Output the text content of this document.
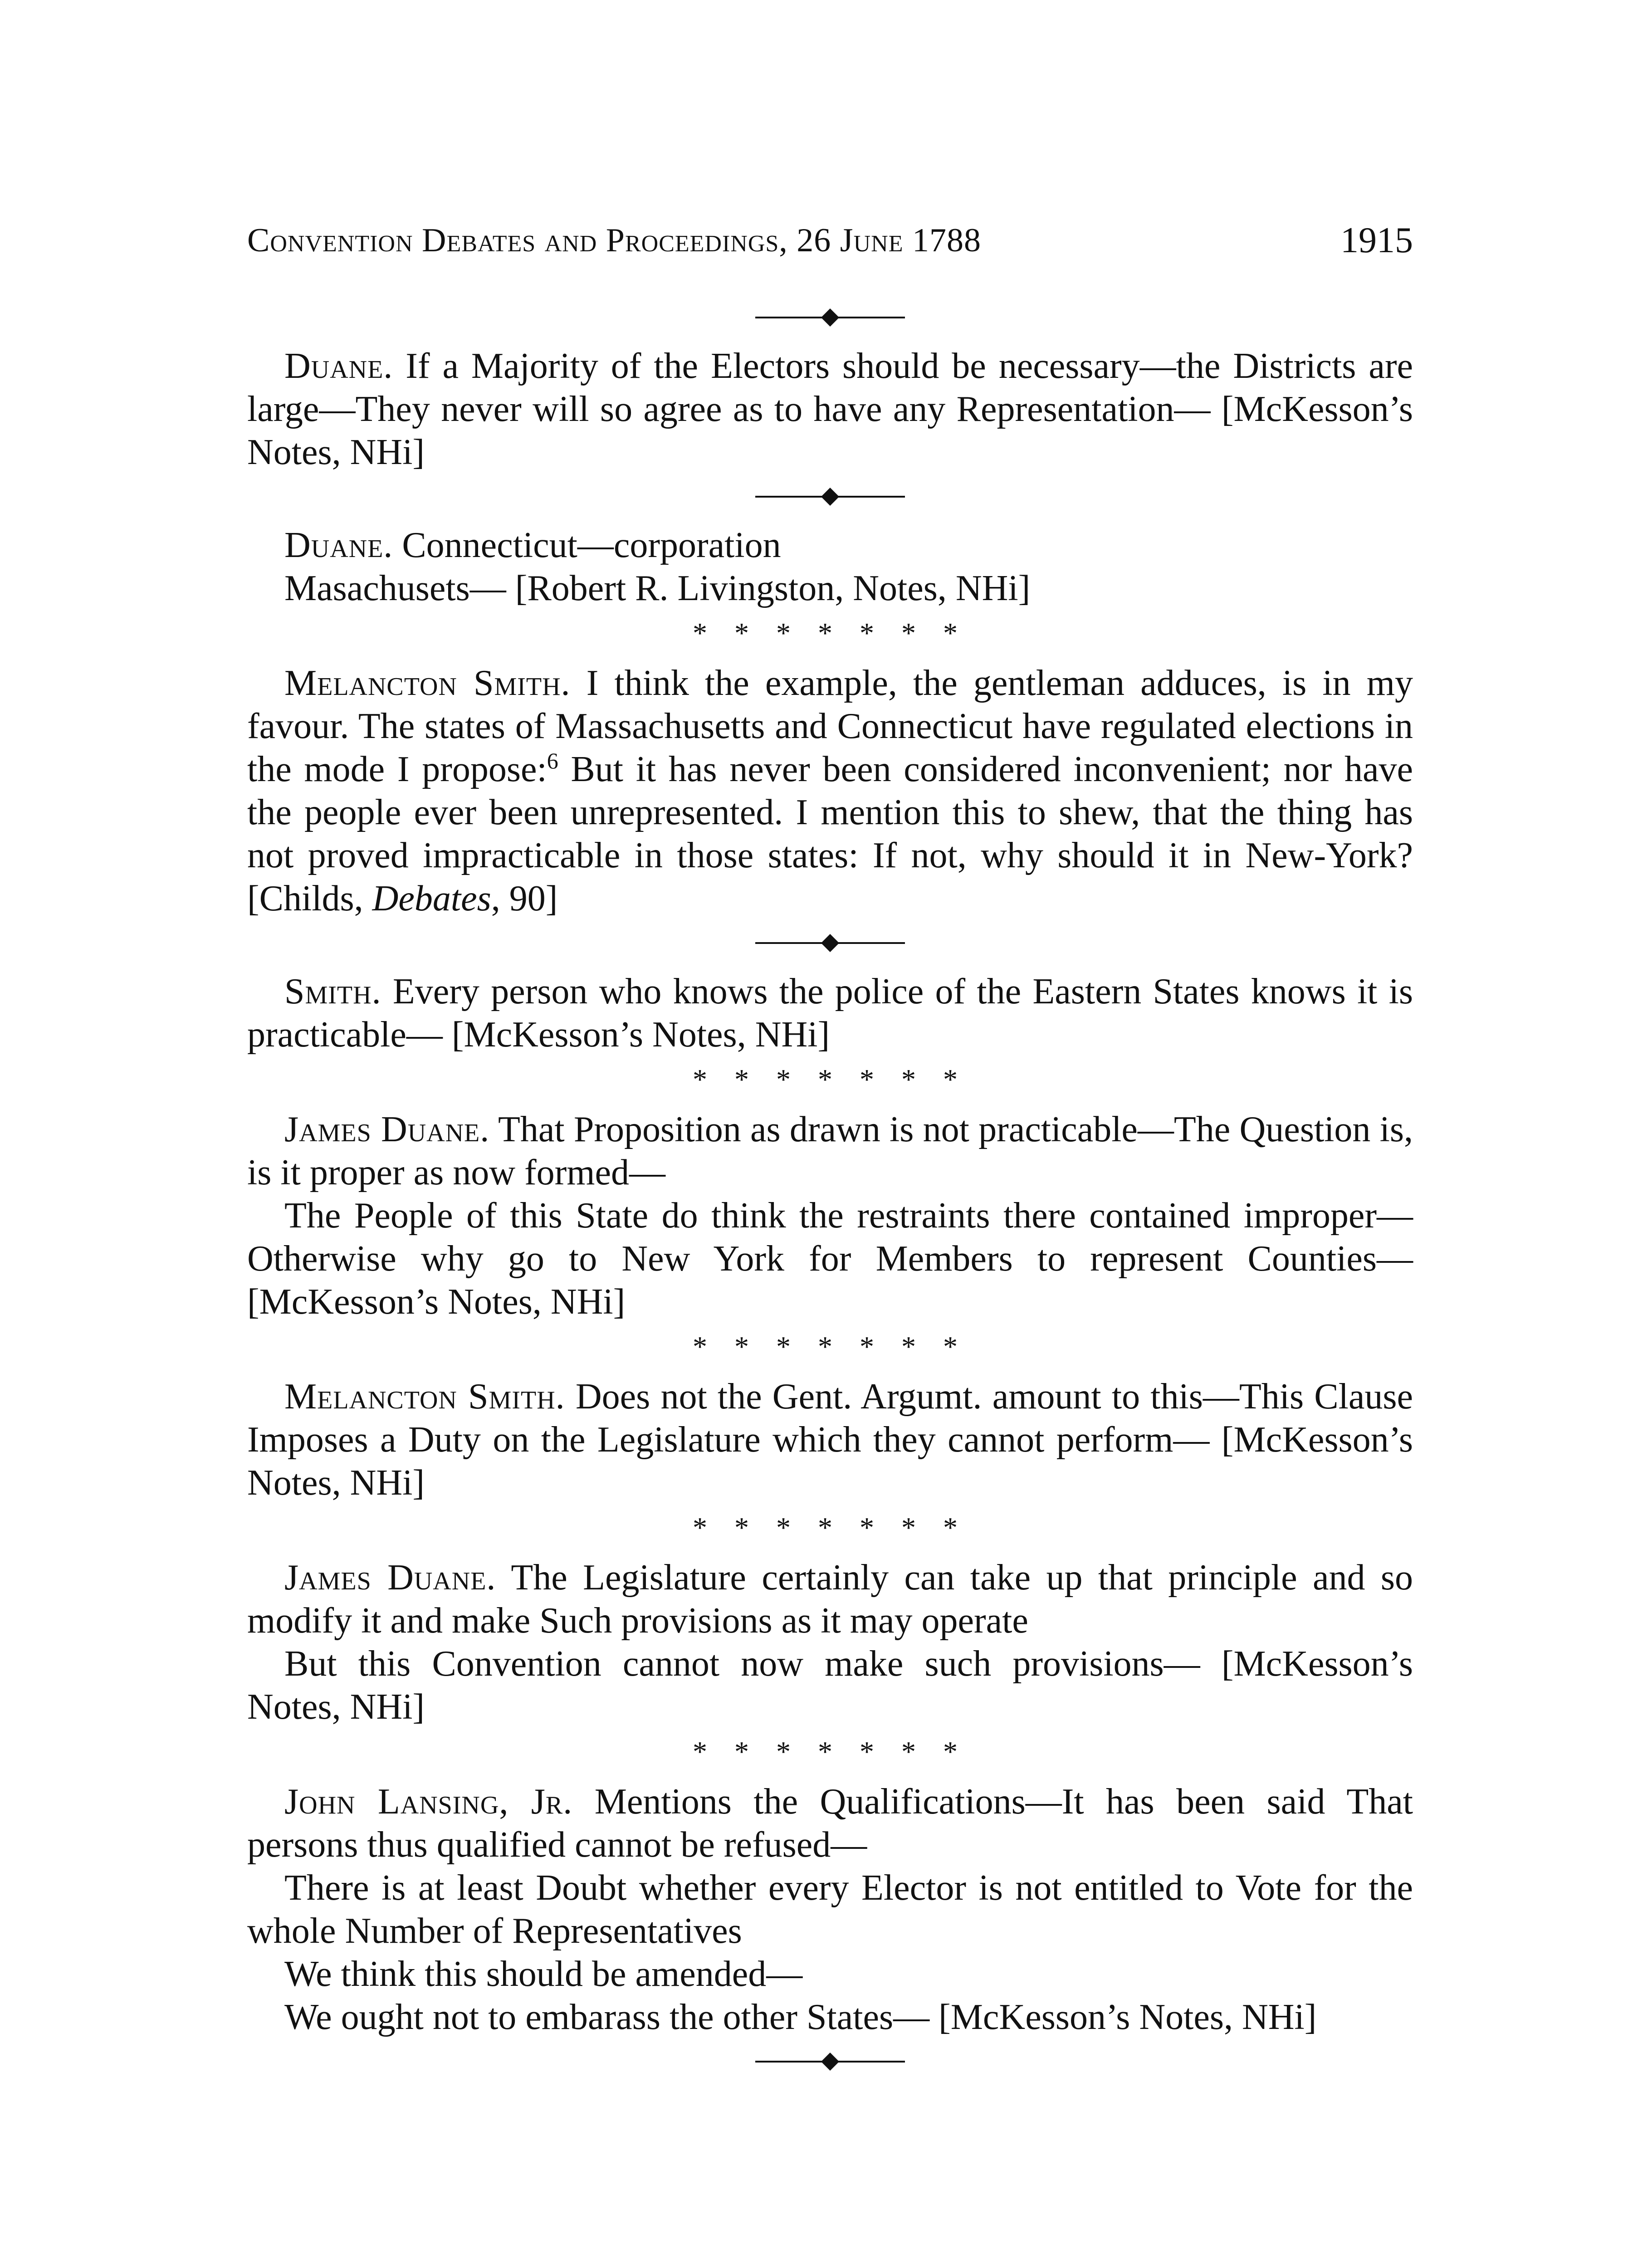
Convention Debates and Proceedings, 26 June 1788	1915

Duane. If a Majority of the Electors should be necessary—the Districts are large—They never will so agree as to have any Representation— [McKesson’s Notes, NHi]

Duane. Connecticut—corporation

Masachusets— [Robert R. Livingston, Notes, NHi]

* * * * * * *

Melancton Smith. I think the example, the gentleman adduces, is in my favour. The states of Massachusetts and Connecticut have regulated elections in the mode I propose:$^6$ But it has never been considered inconvenient; nor have the people ever been unrepresented. I mention this to shew, that the thing has not proved impracticable in those states: If not, why should it in New-York? [Childs, Debates, 90]

Smith. Every person who knows the police of the Eastern States knows it is practicable— [McKesson’s Notes, NHi]

* * * * * * *

James Duane. That Proposition as drawn is not practicable—The Question is, is it proper as now formed—

The People of this State do think the restraints there contained improper—Otherwise why go to New York for Members to represent Counties— [McKesson’s Notes, NHi]

* * * * * * *

Melancton Smith. Does not the Gent. Argumt. amount to this—This Clause Imposes a Duty on the Legislature which they cannot perform— [McKesson’s Notes, NHi]

* * * * * * *

James Duane. The Legislature certainly can take up that principle and so modify it and make Such provisions as it may operate

But this Convention cannot now make such provisions— [McKesson’s Notes, NHi]

* * * * * * *

John Lansing, Jr. Mentions the Qualifications—It has been said That persons thus qualified cannot be refused—

There is at least Doubt whether every Elector is not entitled to Vote for the whole Number of Representatives

We think this should be amended—

We ought not to embarass the other States— [McKesson’s Notes, NHi]
